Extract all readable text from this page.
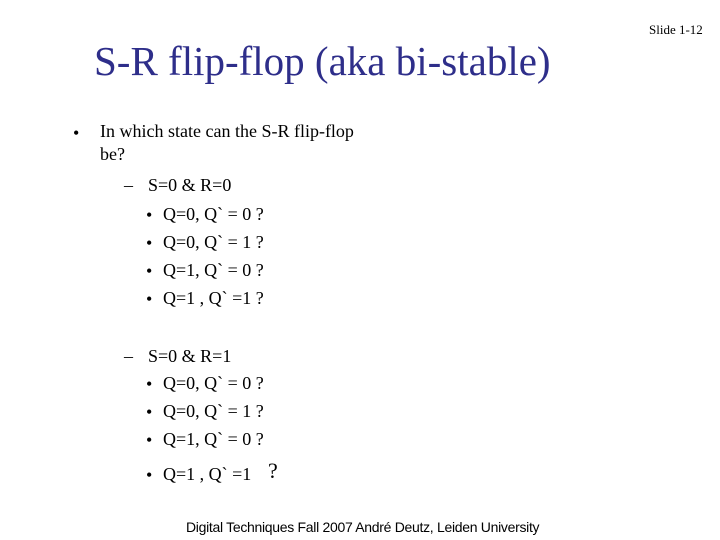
Slide 1-12
S-R flip-flop (aka bi-stable)
• In which state can the S-R flip-flop
be?
– S=0 & R=0
• Q=0, Q` = 0 ?
• Q=0, Q` = 1 ?
• Q=1, Q` = 0 ?
• Q=1 , Q` =1 ?
– S=0 & R=1
• Q=0, Q` = 0 ?
• Q=0, Q` = 1 ?
• Q=1, Q` = 0 ?
• Q=1 , Q` =1 ?
Digital Techniques Fall 2007 André Deutz, Leiden University
